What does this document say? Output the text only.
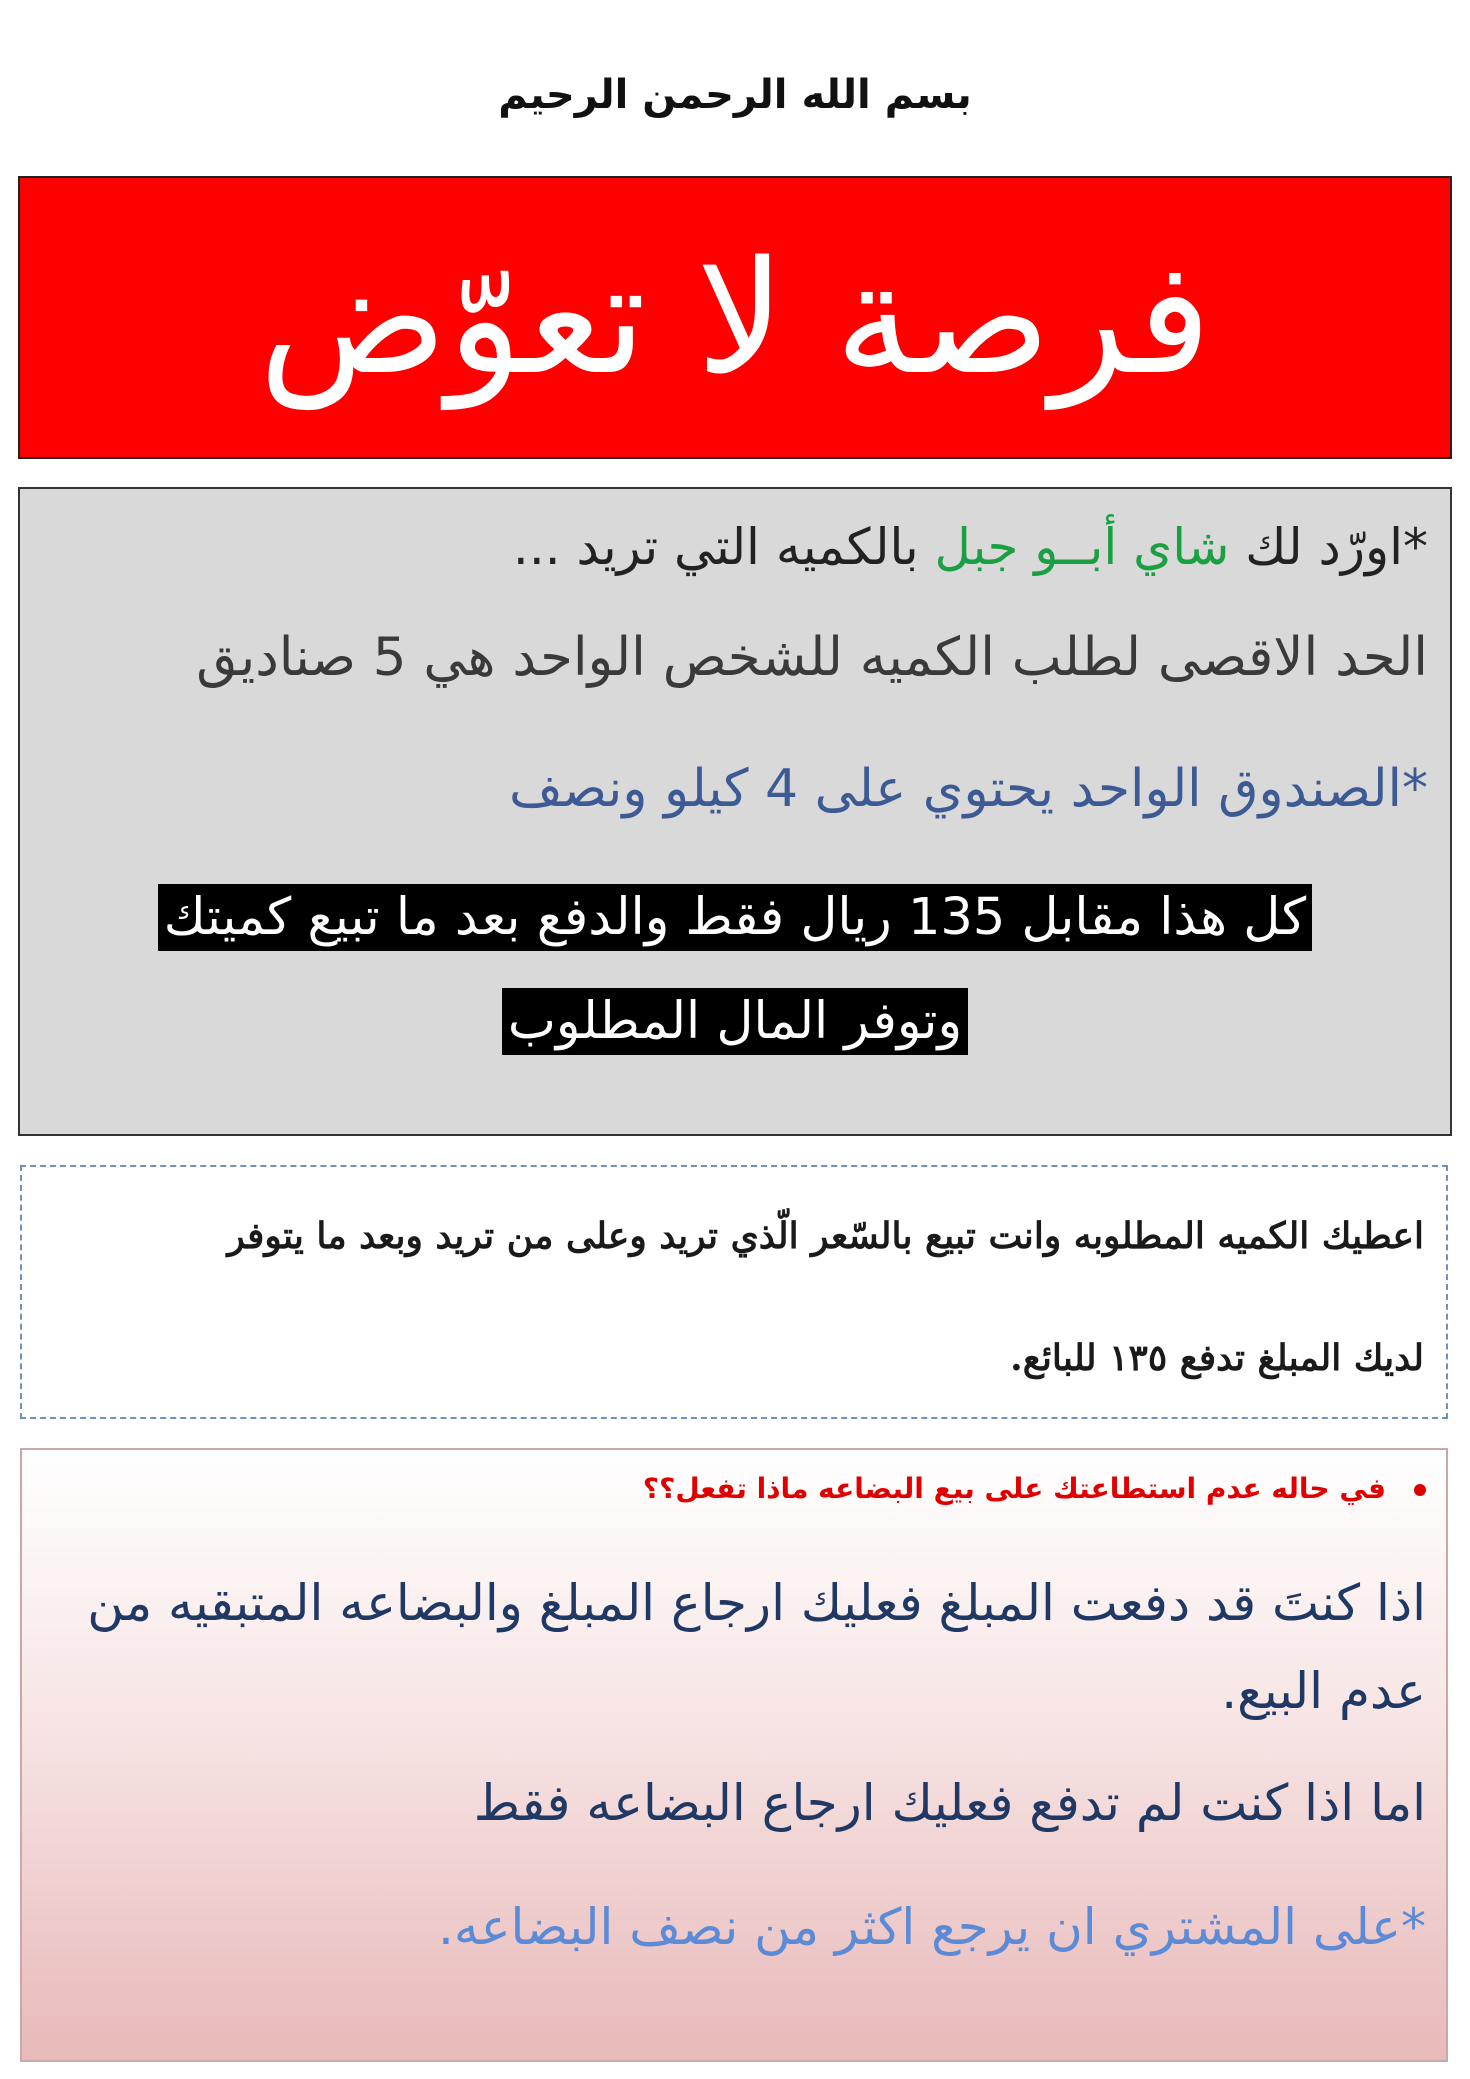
بسم الله الرحمن الرحيم
فرصة لا تعوّض

*اورّد لك شاي أبــو جبل بالكميه التي تريد ...

الحد الاقصى لطلب الكميه للشخص الواحد هي 5 صناديق

*الصندوق الواحد يحتوي على 4 كيلو ونصف

كل هذا مقابل 135 ريال فقط والدفع بعد ما تبيع كميتك
وتوفر المال المطلوب

اعطيك الكميه المطلوبه وانت تبيع بالسّعر الّذي تريد وعلى من تريد وبعد ما يتوفر

لديك المبلغ تدفع ١٣٥ للبائع.

في حاله عدم استطاعتك على بيع البضاعه ماذا تفعل؟؟

اذا كنتَ قد دفعت المبلغ فعليك ارجاع المبلغ والبضاعه المتبقيه من عدم البيع.

اما اذا كنت لم تدفع فعليك ارجاع البضاعه فقط

*على المشتري ان يرجع اكثر من نصف البضاعه.
